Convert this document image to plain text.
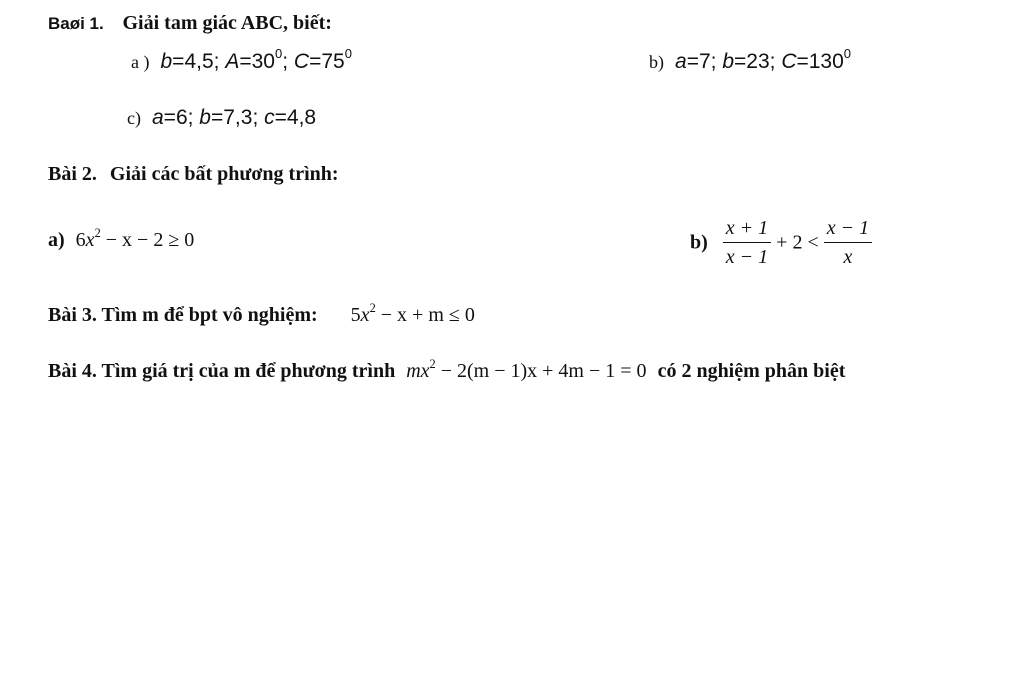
Baøi 1. Giải tam giác ABC, biết:
a ) b=4,5; $A=30^0$; $C=75^0$	b) a=7; b=23; $C=130^0$
c) a=6; b=7,3; c=4,8
Bài 2. Giải các bất phương trình:
a) $6x^2 - x - 2 \ge 0$	$b) \frac{x + 1}{x - 1} + 2 < \frac{x - 1}{x}$
Bài 3. Tìm m để bpt vô nghiệm: $5x^2 - x + m \le 0$
Bài 4. Tìm giá trị của m để phương trình $mx^2 - 2(m - 1)x + 4m - 1 = 0$ có 2 nghiệm phân biệt
